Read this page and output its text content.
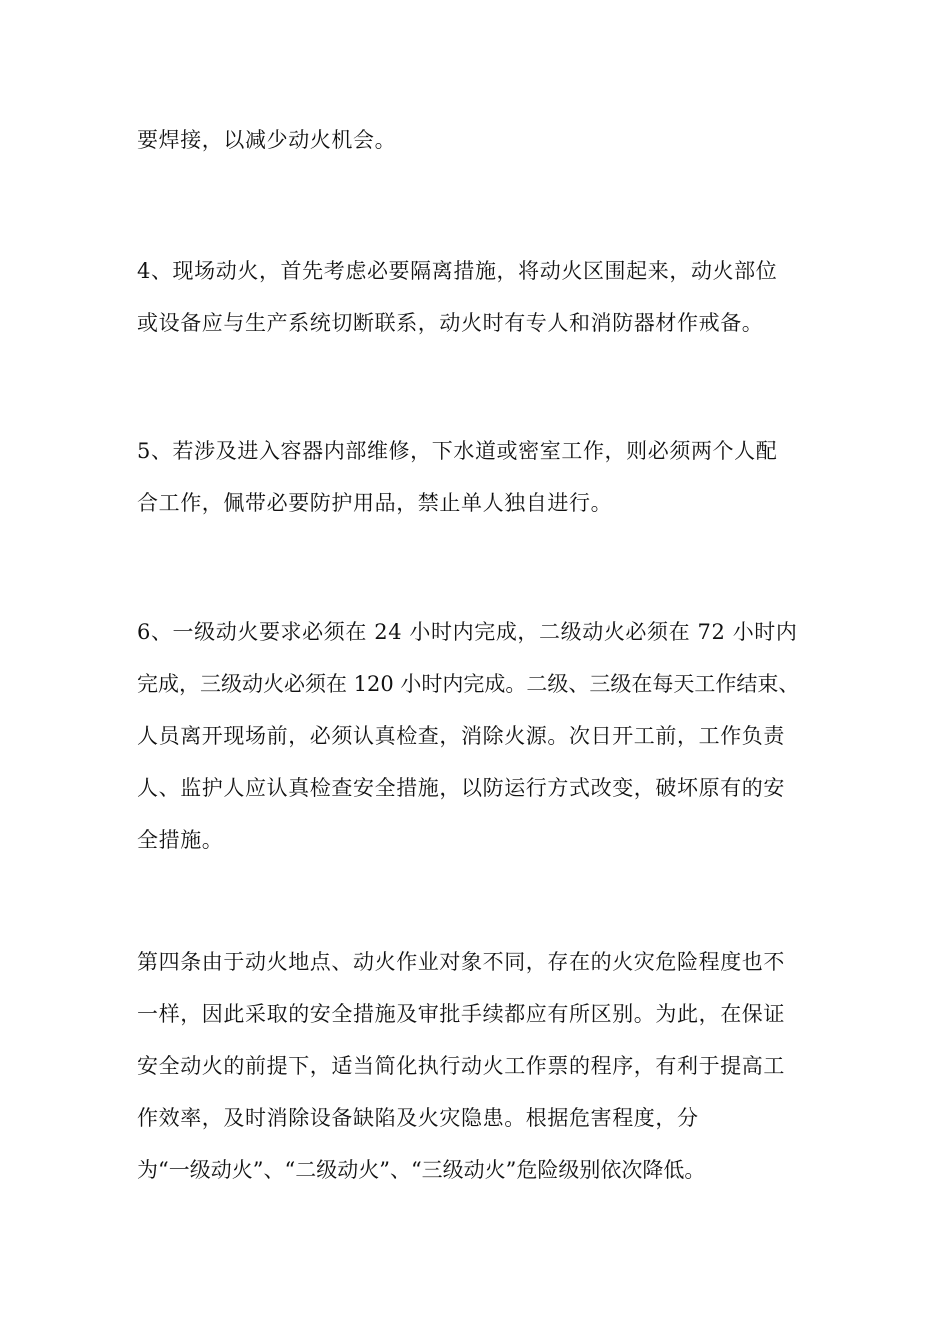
要焊接，以减少动火机会。
4、现场动火，首先考虑必要隔离措施，将动火区围起来，动火部位
或设备应与生产系统切断联系，动火时有专人和消防器材作戒备。
5、若涉及进入容器内部维修，下水道或密室工作，则必须两个人配
合工作，佩带必要防护用品，禁止单人独自进行。
6、一级动火要求必须在 24 小时内完成，二级动火必须在 72 小时内
完成，三级动火必须在 120 小时内完成。二级、三级在每天工作结束、
人员离开现场前，必须认真检查，消除火源。次日开工前，工作负责
人、监护人应认真检查安全措施，以防运行方式改变，破坏原有的安
全措施。
第四条由于动火地点、动火作业对象不同，存在的火灾危险程度也不
一样，因此采取的安全措施及审批手续都应有所区别。为此，在保证
安全动火的前提下，适当简化执行动火工作票的程序，有利于提高工
作效率，及时消除设备缺陷及火灾隐患。根据危害程度，分
为“一级动火”、“二级动火”、“三级动火”危险级别依次降低。
